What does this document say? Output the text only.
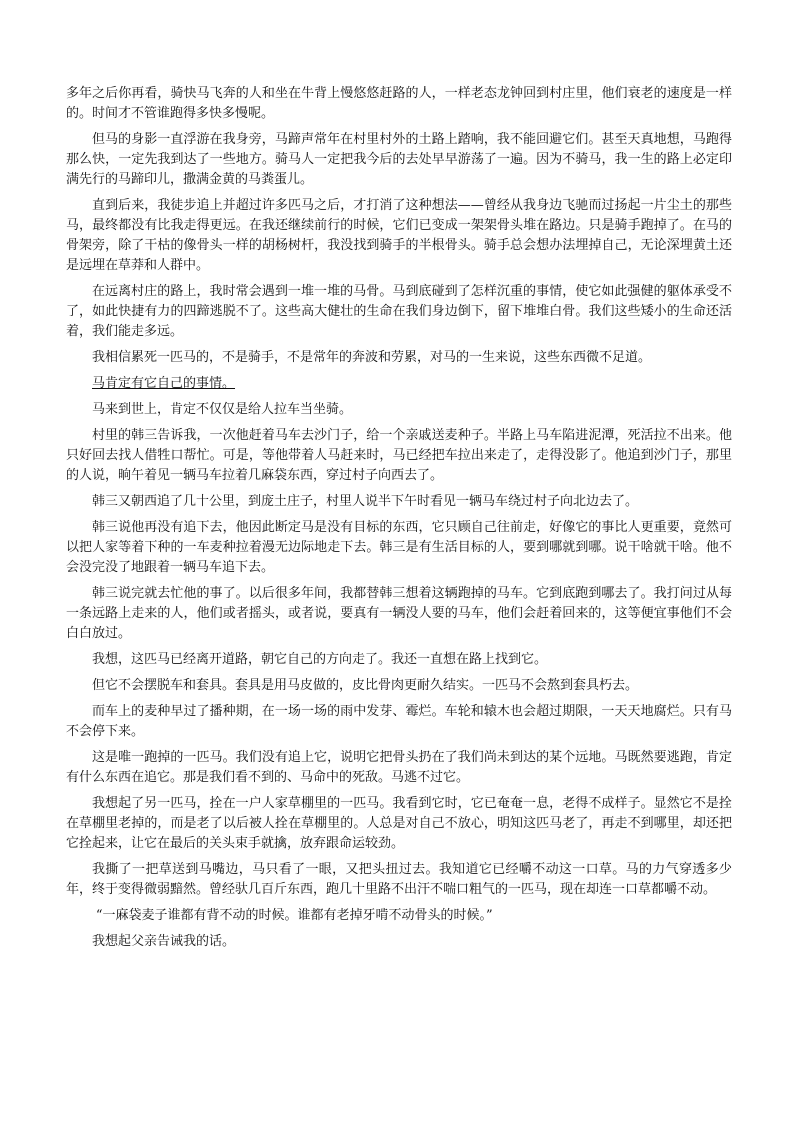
多年之后你再看，骑快马飞奔的人和坐在牛背上慢悠悠赶路的人，一样老态龙钟回到村庄里，他们衰老的速度是一样的。时间才不管谁跑得多快多慢呢。

但马的身影一直浮游在我身旁，马蹄声常年在村里村外的土路上踏响，我不能回避它们。甚至天真地想，马跑得那么快，一定先我到达了一些地方。骑马人一定把我今后的去处早早游荡了一遍。因为不骑马，我一生的路上必定印满先行的马蹄印儿，撒满金黄的马粪蛋儿。

直到后来，我徒步追上并超过许多匹马之后，才打消了这种想法——曾经从我身边飞驰而过扬起一片尘土的那些马，最终都没有比我走得更远。在我还继续前行的时候，它们已变成一架架骨头堆在路边。只是骑手跑掉了。在马的骨架旁，除了干枯的像骨头一样的胡杨树杆，我没找到骑手的半根骨头。骑手总会想办法埋掉自己，无论深埋黄土还是远埋在草莽和人群中。

在远离村庄的路上，我时常会遇到一堆一堆的马骨。马到底碰到了怎样沉重的事情，使它如此强健的躯体承受不了，如此快捷有力的四蹄逃脱不了。这些高大健壮的生命在我们身边倒下，留下堆堆白骨。我们这些矮小的生命还活着，我们能走多远。

我相信累死一匹马的，不是骑手，不是常年的奔波和劳累，对马的一生来说，这些东西微不足道。

马肯定有它自己的事情。

马来到世上，肯定不仅仅是给人拉车当坐骑。

村里的韩三告诉我，一次他赶着马车去沙门子，给一个亲戚送麦种子。半路上马车陷进泥潭，死活拉不出来。他只好回去找人借牲口帮忙。可是，等他带着人马赶来时，马已经把车拉出来走了，走得没影了。他追到沙门子，那里的人说，晌午着见一辆马车拉着几麻袋东西，穿过村子向西去了。

韩三又朝西追了几十公里，到庞土庄子，村里人说半下午时看见一辆马车绕过村子向北边去了。

韩三说他再没有追下去，他因此断定马是没有目标的东西，它只顾自己往前走，好像它的事比人更重要，竟然可以把人家等着下种的一车麦种拉着漫无边际地走下去。韩三是有生活目标的人，要到哪就到哪。说干啥就干啥。他不会没完没了地跟着一辆马车追下去。

韩三说完就去忙他的事了。以后很多年间，我都替韩三想着这辆跑掉的马车。它到底跑到哪去了。我打问过从每一条远路上走来的人，他们或者摇头，或者说，要真有一辆没人要的马车，他们会赶着回来的，这等便宜事他们不会白白放过。

我想，这匹马已经离开道路，朝它自己的方向走了。我还一直想在路上找到它。

但它不会摆脱车和套具。套具是用马皮做的，皮比骨肉更耐久结实。一匹马不会熬到套具朽去。

而车上的麦种早过了播种期，在一场一场的雨中发芽、霉烂。车轮和辕木也会超过期限，一天天地腐烂。只有马不会停下来。

这是唯一跑掉的一匹马。我们没有追上它，说明它把骨头扔在了我们尚未到达的某个远地。马既然要逃跑，肯定有什么东西在追它。那是我们看不到的、马命中的死敌。马逃不过它。

我想起了另一匹马，拴在一户人家草棚里的一匹马。我看到它时，它已奄奄一息，老得不成样子。显然它不是拴在草棚里老掉的，而是老了以后被人拴在草棚里的。人总是对自己不放心，明知这匹马老了，再走不到哪里，却还把它拴起来，让它在最后的关头束手就擒，放弃跟命运较劲。

我撕了一把草送到马嘴边，马只看了一眼，又把头扭过去。我知道它已经嚼不动这一口草。马的力气穿透多少年，终于变得微弱黯然。曾经驮几百斤东西，跑几十里路不出汗不喘口粗气的一匹马，现在却连一口草都嚼不动。

“一麻袋麦子谁都有背不动的时候。谁都有老掉牙啃不动骨头的时候。”

我想起父亲告诫我的话。
